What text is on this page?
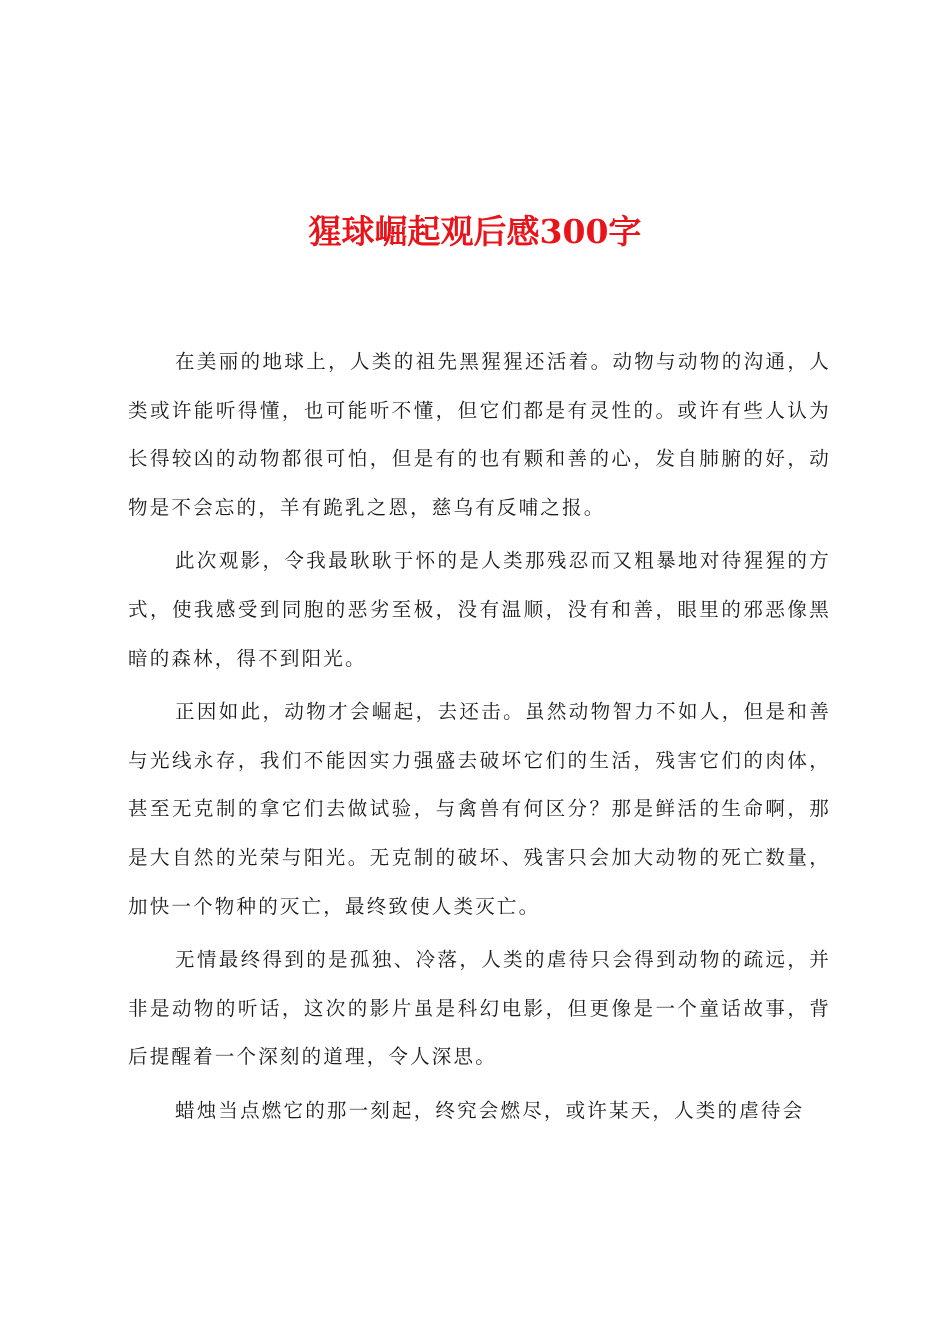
猩球崛起观后感300字

在美丽的地球上，人类的祖先黑猩猩还活着。动物与动物的沟通，人类或许能听得懂，也可能听不懂，但它们都是有灵性的。或许有些人认为长得较凶的动物都很可怕，但是有的也有颗和善的心，发自肺腑的好，动物是不会忘的，羊有跪乳之恩，慈乌有反哺之报。

此次观影，令我最耿耿于怀的是人类那残忍而又粗暴地对待猩猩的方式，使我感受到同胞的恶劣至极，没有温顺，没有和善，眼里的邪恶像黑暗的森林，得不到阳光。

正因如此，动物才会崛起，去还击。虽然动物智力不如人，但是和善与光线永存，我们不能因实力强盛去破坏它们的生活，残害它们的肉体，甚至无克制的拿它们去做试验，与禽兽有何区分？那是鲜活的生命啊，那是大自然的光荣与阳光。无克制的破坏、残害只会加大动物的死亡数量，加快一个物种的灭亡，最终致使人类灭亡。

无情最终得到的是孤独、冷落，人类的虐待只会得到动物的疏远，并非是动物的听话，这次的影片虽是科幻电影，但更像是一个童话故事，背后提醒着一个深刻的道理，令人深思。

蜡烛当点燃它的那一刻起，终究会燃尽，或许某天，人类的虐待会
